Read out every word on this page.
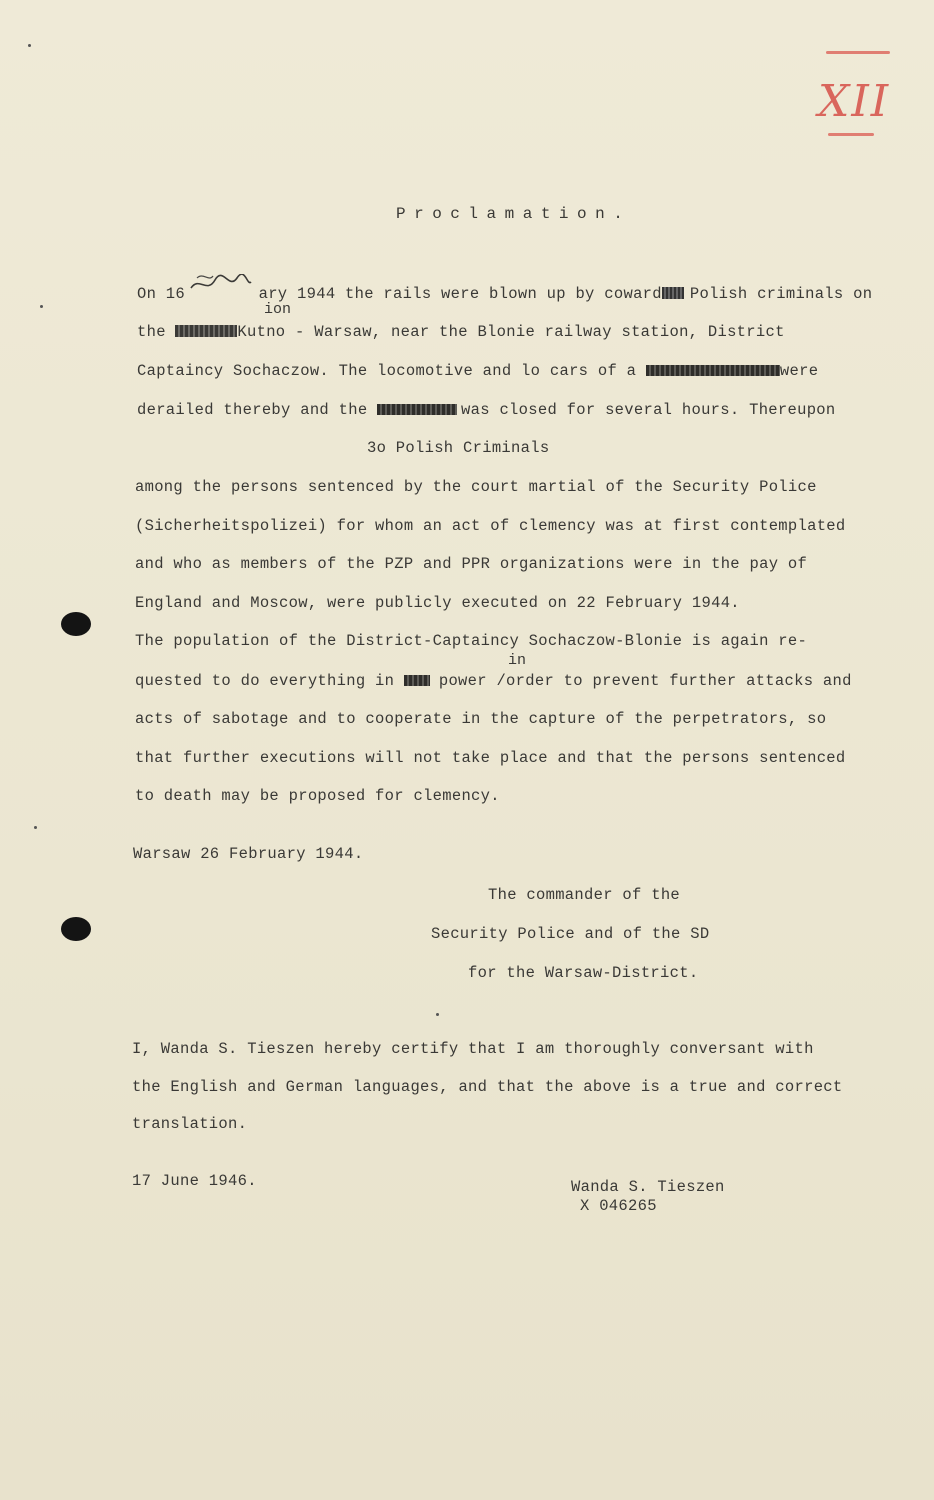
XII
Proclamation.
On 16	ary 1944 the rails were blown up by coward Polish criminals on
ion
the	Kutno - Warsaw, near the Blonie railway station, District
Captaincy Sochaczow. The locomotive and lo cars of a	were
derailed thereby and the	was closed for several hours. Thereupon
3o Polish Criminals
among the persons sentenced by the court martial of the Security Police
(Sicherheitspolizei) for whom an act of clemency was at first contemplated
and who as members of the PZP and PPR organizations were in the pay of
England and Moscow, were publicly executed on 22 February 1944.
The population of the District-Captaincy Sochaczow-Blonie is again re-
in
quested to do everything in power /order to prevent further attacks and
acts of sabotage and to cooperate in the capture of the perpetrators, so
that further executions will not take place and that the persons sentenced
to death may be proposed for clemency.
Warsaw 26 February 1944.
The commander of the
Security Police and of the SD
for the Warsaw-District.
I, Wanda S. Tieszen hereby certify that I am thoroughly conversant with
the English and German languages, and that the above is a true and correct
translation.
17 June 1946.	Wanda S. Tieszen
X 046265
